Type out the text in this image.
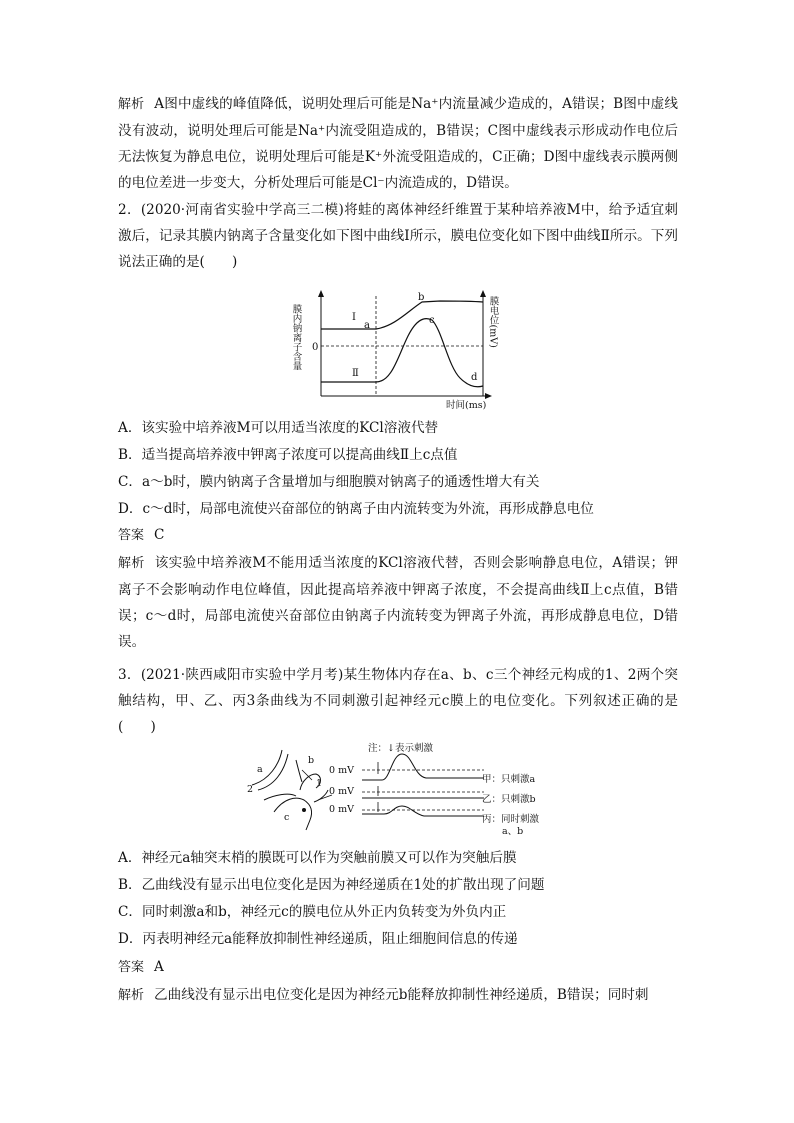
解析 A图中虚线的峰值降低，说明处理后可能是Na⁺内流量减少造成的，A错误；B图中虚线没有波动，说明处理后可能是Na⁺内流受阻造成的，B错误；C图中虚线表示形成动作电位后无法恢复为静息电位，说明处理后可能是K⁺外流受阻造成的，C正确；D图中虚线表示膜两侧的电位差进一步变大，分析处理后可能是Cl⁻内流造成的，D错误。
2．(2020·河南省实验中学高三二模)将蛙的离体神经纤维置于某种培养液M中，给予适宜刺激后，记录其膜内钠离子含量变化如下图中曲线Ⅰ所示，膜电位变化如下图中曲线Ⅱ所示。下列说法正确的是(　　)
膜内钠离子含量	膜电位(mV)
0
Ⅰ
Ⅱ
a
b
c
d
时间(ms)
A．该实验中培养液M可以用适当浓度的KCl溶液代替
B．适当提高培养液中钾离子浓度可以提高曲线Ⅱ上c点值
C．a～b时，膜内钠离子含量增加与细胞膜对钠离子的通透性增大有关
D．c～d时，局部电流使兴奋部位的钠离子由内流转变为外流，再形成静息电位
答案 C
解析 该实验中培养液M不能用适当浓度的KCl溶液代替，否则会影响静息电位，A错误；钾离子不会影响动作电位峰值，因此提高培养液中钾离子浓度，不会提高曲线Ⅱ上c点值，B错误；c～d时，局部电流使兴奋部位由钠离子内流转变为钾离子外流，再形成静息电位，D错误。
3．(2021·陕西咸阳市实验中学月考)某生物体内存在a、b、c三个神经元构成的1、2两个突触结构，甲、乙、丙3条曲线为不同刺激引起神经元c膜上的电位变化。下列叙述正确的是(　　)
a
b
c
1
2
注：↓表示刺激
0 mV
0 mV
0 mV
甲：只刺激a
乙：只刺激b
丙：同时刺激
a、b
A．神经元a轴突末梢的膜既可以作为突触前膜又可以作为突触后膜
B．乙曲线没有显示出电位变化是因为神经递质在1处的扩散出现了问题
C．同时刺激a和b，神经元c的膜电位从外正内负转变为外负内正
D．丙表明神经元a能释放抑制性神经递质，阻止细胞间信息的传递
答案 A
解析 乙曲线没有显示出电位变化是因为神经元b能释放抑制性神经递质，B错误；同时刺
